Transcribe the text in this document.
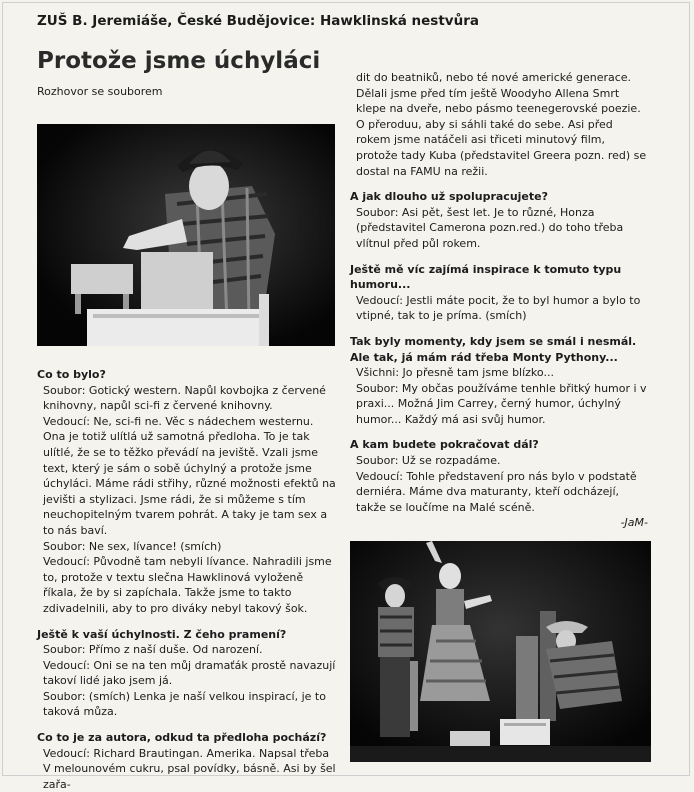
ZUŠ B. Jeremiáše, České Budějovice: Hawklinská nestvůra
Protože jsme úchyláci
Rozhovor se souborem

Co to bylo?

Soubor: Gotický western. Napůl kovbojka z červené knihovny, napůl sci-fi z červené knihovny.

Vedoucí: Ne, sci-fi ne. Věc s nádechem westernu. Ona je totiž ulítlá už samotná předloha. To je tak ulítlé, že se to těžko převádí na jeviště. Vzali jsme text, který je sám o sobě úchylný a protože jsme úchyláci. Máme rádi střihy, různé možnosti efektů na jevišti a stylizaci. Jsme rádi, že si můžeme s tím neuchopitelným tvarem pohrát. A taky je tam sex a to nás baví.

Soubor: Ne sex, lívance! (smích)

Vedoucí: Původně tam nebyli lívance. Nahradili jsme to, protože v textu slečna Hawklinová vyloženě říkala, že by si zapíchala. Takže jsme to takto zdivadelnili, aby to pro diváky nebyl takový šok.

Ještě k vaší úchylnosti. Z čeho pramení?

Soubor: Přímo z naší duše. Od narození.

Vedoucí: Oni se na ten můj dramaťák prostě navazují takoví lidé jako jsem já.

Soubor: (smích) Lenka je naší velkou inspirací, je to taková můza.

Co to je za autora, odkud ta předloha pochází?

Vedoucí: Richard Brautingan. Amerika. Napsal třeba V melounovém cukru, psal povídky, básně. Asi by šel zařa-

dit do beatniků, nebo té nové americké generace. Dělali jsme před tím ještě Woodyho Allena Smrt klepe na dveře, nebo pásmo teenegerovské poezie. O přeroduu, aby si sáhli také do sebe. Asi před rokem jsme natáčeli asi třiceti minutový film, protože tady Kuba (představitel Greera pozn. red) se dostal na FAMU na režii.

A jak dlouho už spolupracujete?

Soubor: Asi pět, šest let. Je to různé, Honza (představitel Camerona pozn.red.) do toho třeba vlítnul před půl rokem.

Ještě mě víc zajímá inspirace k tomuto typu humoru...

Vedoucí: Jestli máte pocit, že to byl humor a bylo to vtipné, tak to je príma. (smích)

Tak byly momenty, kdy jsem se smál i nesmál. Ale tak, já mám rád třeba Monty Pythony...

Všichni: Jo přesně tam jsme blízko...

Soubor: My občas používáme tenhle břitký humor i v praxi... Možná Jim Carrey, černý humor, úchylný humor... Každý má asi svůj humor.

A kam budete pokračovat dál?

Soubor: Už se rozpadáme.

Vedoucí: Tohle představení pro nás bylo v podstatě derniéra. Máme dva maturanty, kteří odcházejí, takže se loučíme na Malé scéně.

-JaM-
